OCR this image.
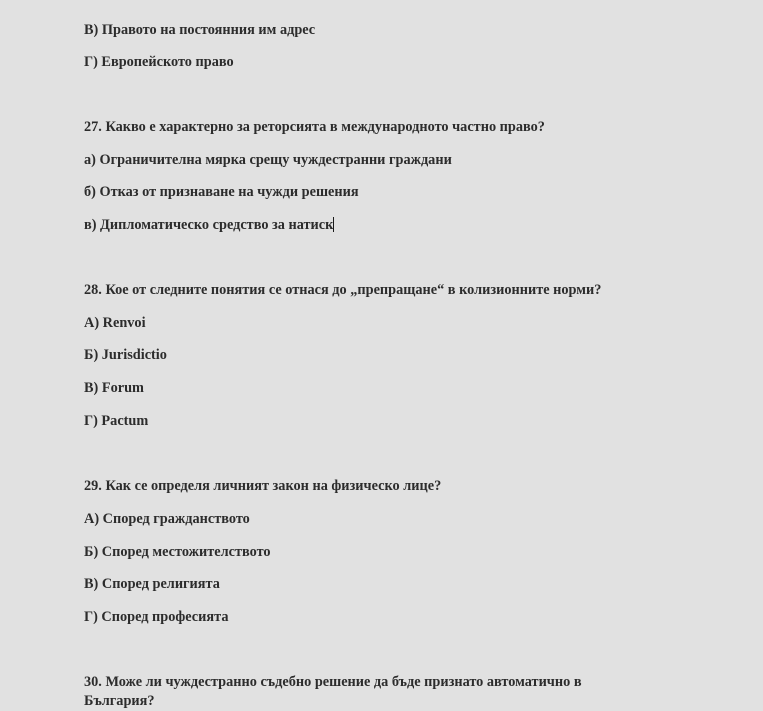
В) Правото на постоянния им адрес
Г) Европейското право
27. Какво е характерно за реторсията в международното частно право?
а) Ограничителна мярка срещу чуждестранни граждани
б) Отказ от признаване на чужди решения
в) Дипломатическо средство за натиск
28. Кое от следните понятия се отнася до „препращане“ в колизионните норми?
А) Renvoi
Б) Jurisdictio
В) Forum
Г) Pactum
29. Как се определя личният закон на физическо лице?
А) Според гражданството
Б) Според местожителството
В) Според религията
Г) Според професията
30. Може ли чуждестранно съдебно решение да бъде признато автоматично в
България?
